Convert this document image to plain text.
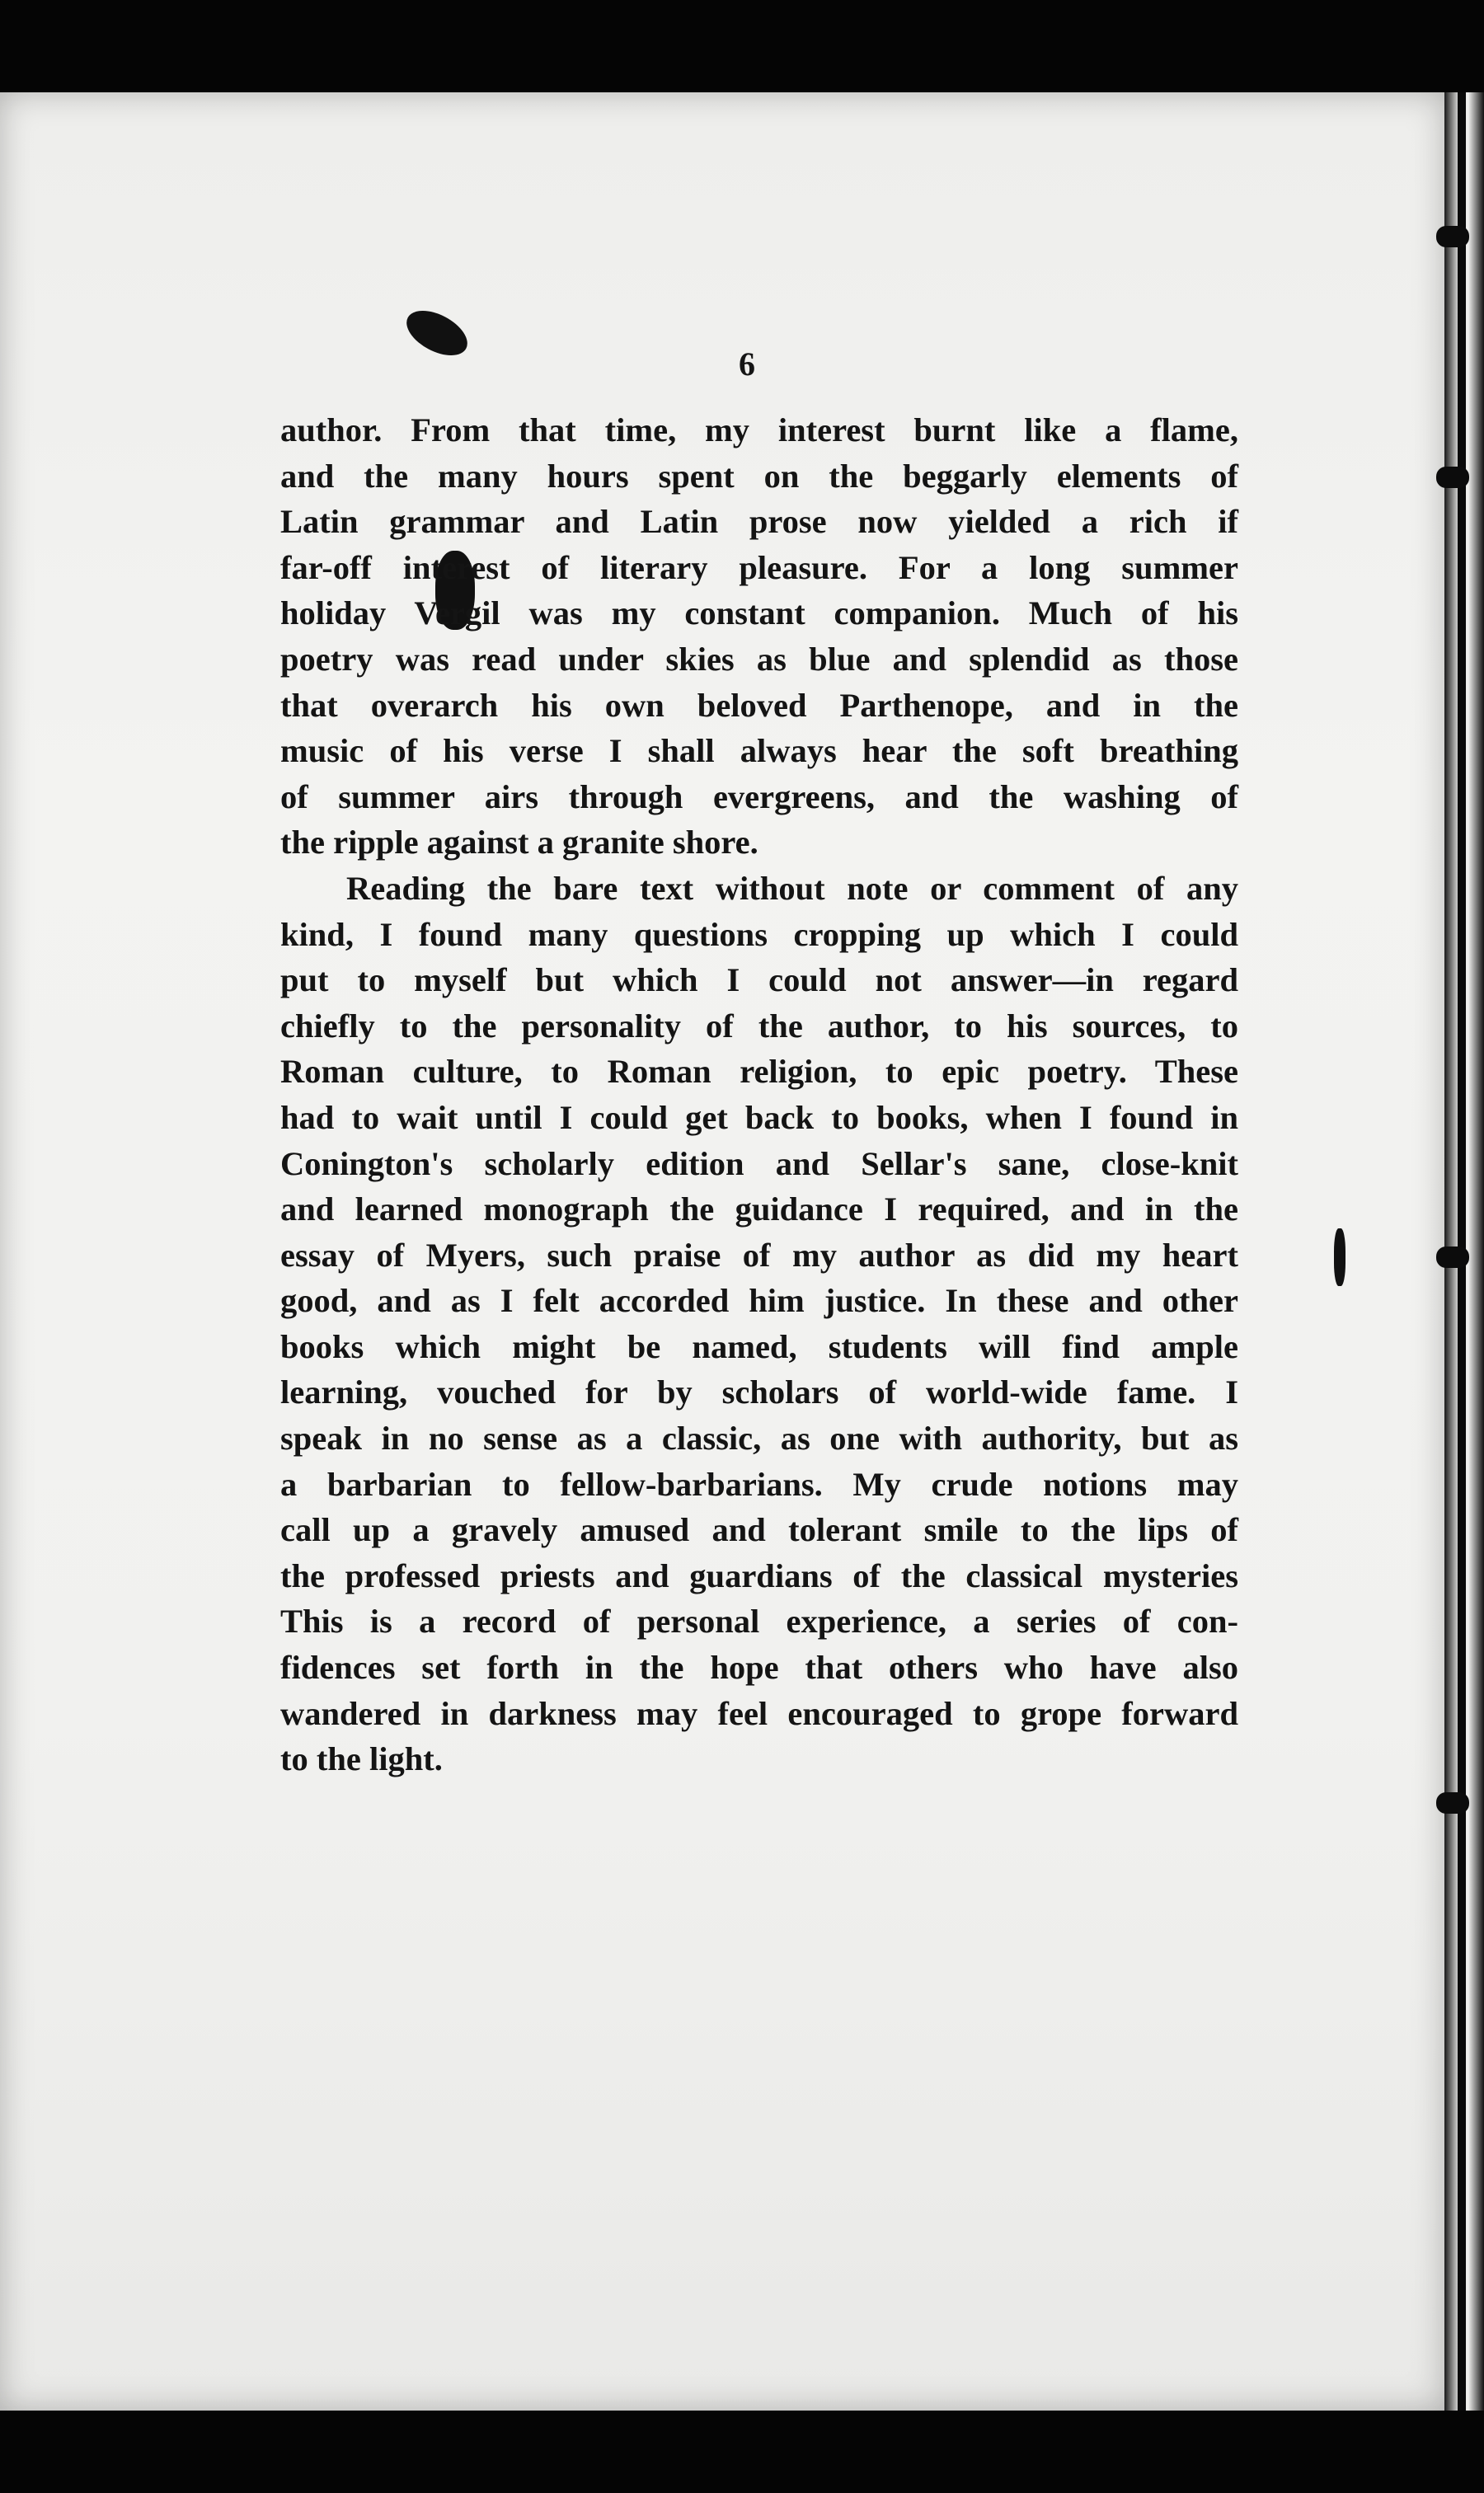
6

author. From that time, my interest burnt like a flame,
and the many hours spent on the beggarly elements of
Latin grammar and Latin prose now yielded a rich if
far-off interest of literary pleasure. For a long summer
holiday Vergil was my constant companion. Much of his
poetry was read under skies as blue and splendid as those
that overarch his own beloved Parthenope, and in the
music of his verse I shall always hear the soft breathing
of summer airs through evergreens, and the washing of
the ripple against a granite shore.

Reading the bare text without note or comment of any
kind, I found many questions cropping up which I could
put to myself but which I could not answer—in regard
chiefly to the personality of the author, to his sources, to
Roman culture, to Roman religion, to epic poetry. These
had to wait until I could get back to books, when I found in
Conington's scholarly edition and Sellar's sane, close-knit
and learned monograph the guidance I required, and in the
essay of Myers, such praise of my author as did my heart
good, and as I felt accorded him justice. In these and other
books which might be named, students will find ample
learning, vouched for by scholars of world-wide fame. I
speak in no sense as a classic, as one with authority, but as
a barbarian to fellow-barbarians. My crude notions may
call up a gravely amused and tolerant smile to the lips of
the professed priests and guardians of the classical mysteries
This is a record of personal experience, a series of con-
fidences set forth in the hope that others who have also
wandered in darkness may feel encouraged to grope forward
to the light.
